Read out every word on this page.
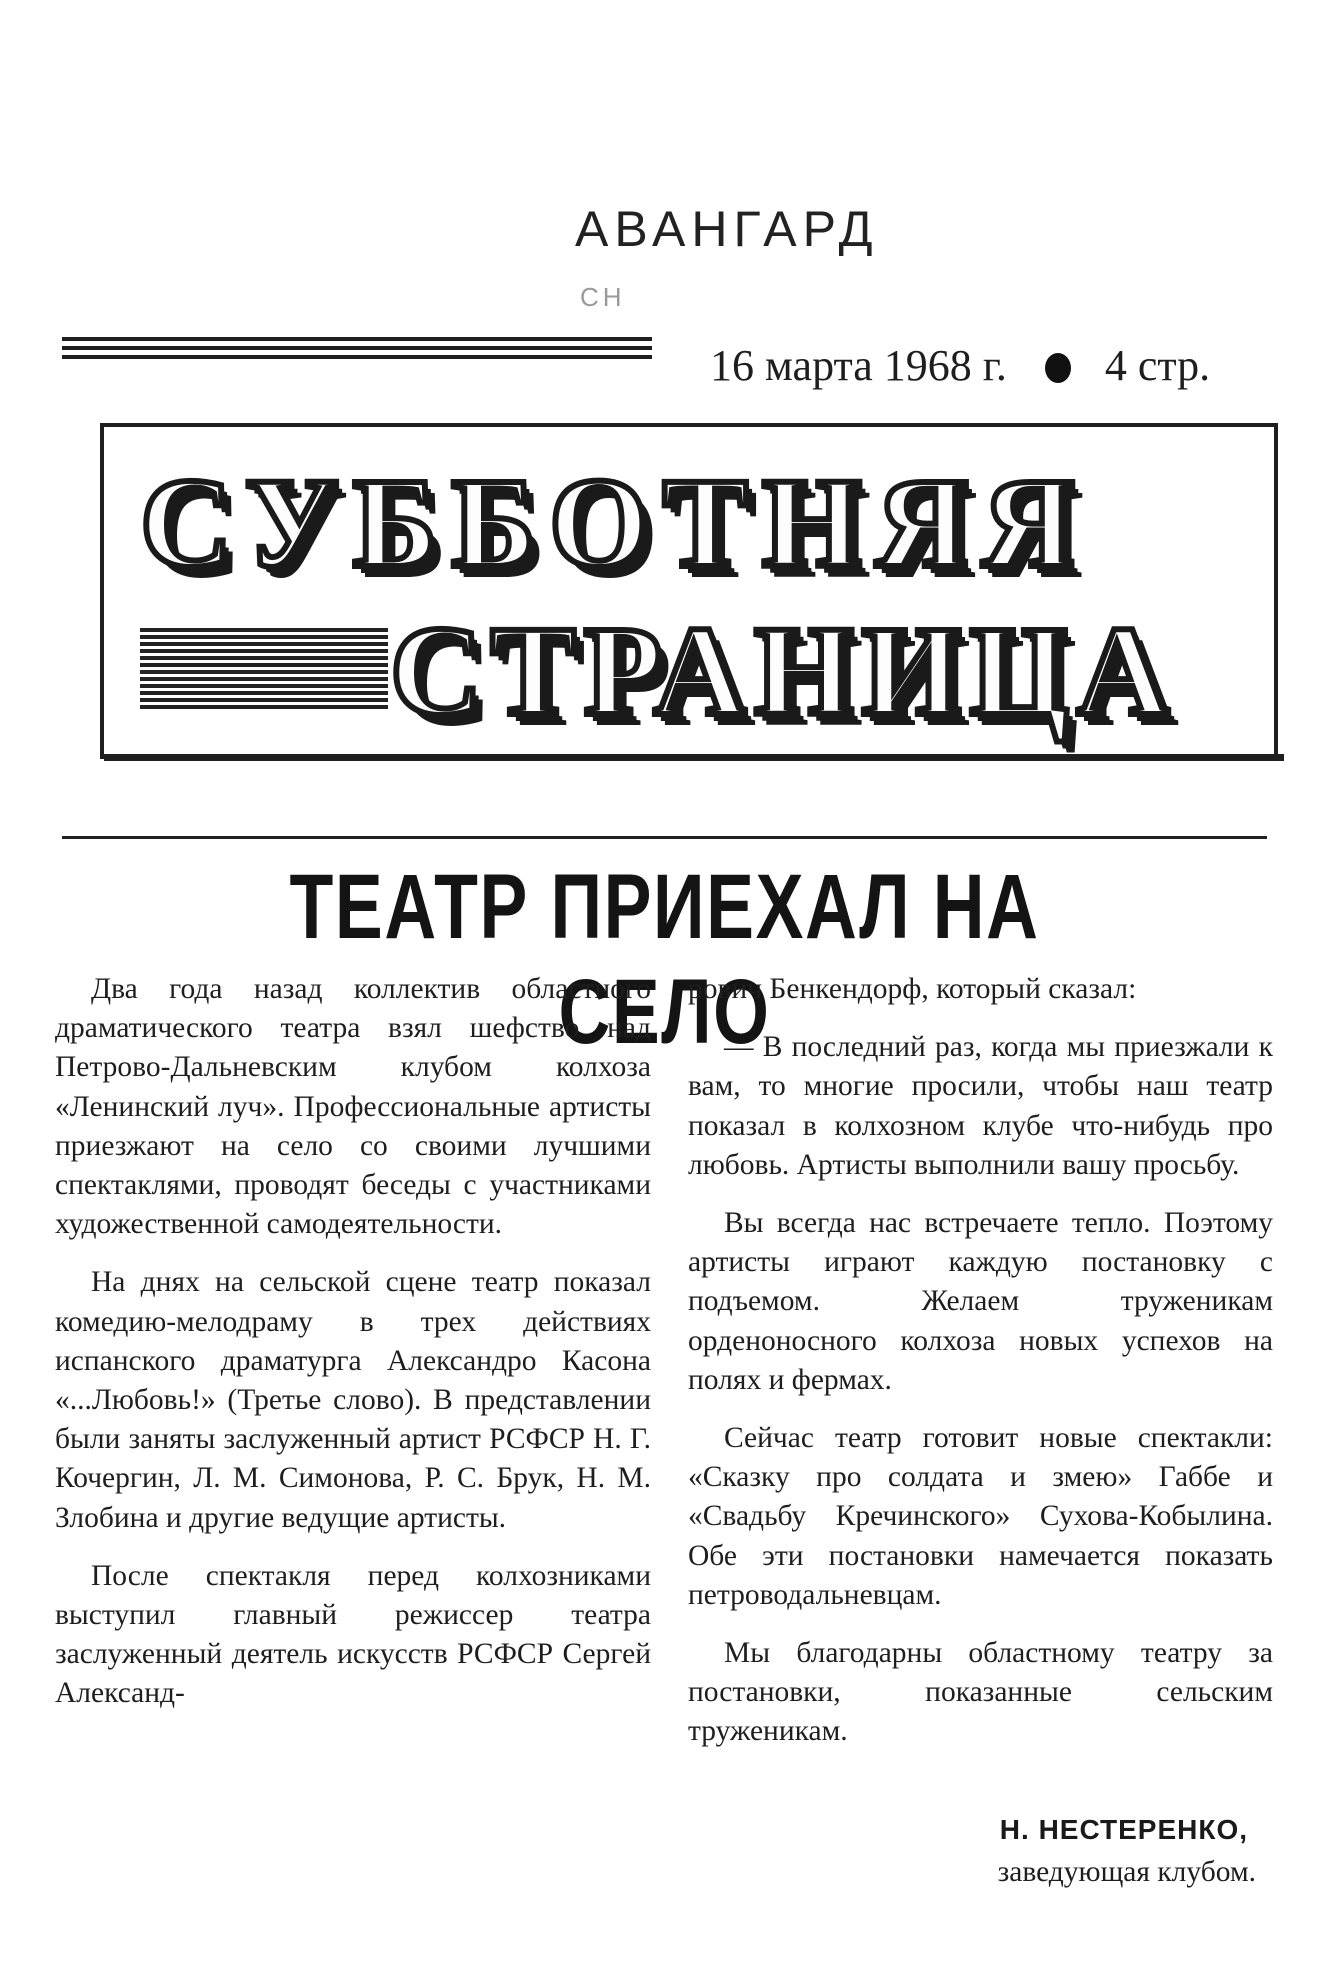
АВАНГАРД
СН
16 марта 1968 г. 4 стр.
СУББОТНЯЯ
СТРАНИЦА
ТЕАТР ПРИЕХАЛ НА СЕЛО

Два года назад коллектив областного драматического театра взял шефство над Петрово-Дальневским клубом колхоза «Ленинский луч». Профессиональные артисты приезжают на село со своими лучшими спектаклями, проводят беседы с участниками художественной самодеятельности.

На днях на сельской сцене театр показал комедию-мелодраму в трех действиях испанского драматурга Александро Касона «...Любовь!» (Третье слово). В представлении были заняты заслуженный артист РСФСР Н. Г. Кочергин, Л. М. Симонова, Р. С. Брук, Н. М. Злобина и другие ведущие артисты.

После спектакля перед колхозниками выступил главный режиссер театра заслуженный деятель искусств РСФСР Сергей Александ-

рович Бенкендорф, который сказал:

— В последний раз, когда мы приезжали к вам, то многие просили, чтобы наш театр показал в колхозном клубе что-нибудь про любовь. Артисты выполнили вашу просьбу.

Вы всегда нас встречаете тепло. Поэтому артисты играют каждую постановку с подъемом. Желаем труженикам орденоносного колхоза новых успехов на полях и фермах.

Сейчас театр готовит новые спектакли: «Сказку про солдата и змею» Габбе и «Свадьбу Кречинского» Сухова-Кобылина. Обе эти постановки намечается показать петроводальневцам.

Мы благодарны областному театру за постановки, показанные сельским труженикам.

Н. НЕСТЕРЕНКО,
заведующая клубом.
